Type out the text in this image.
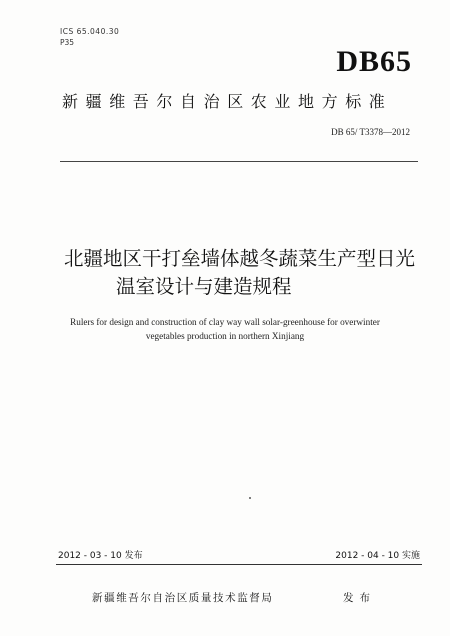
ICS 65.040.30
P35
DB65
新疆维吾尔自治区农业地方标准
DB 65/ T3378—2012
北疆地区干打垒墙体越冬蔬菜生产型日光
温室设计与建造规程
Rulers for design and construction of clay way wall solar-greenhouse for overwinter
vegetables production in northern Xinjiang
2012 - 03 - 10 发布	2012 - 04 - 10 实施
新疆维吾尔自治区质量技术监督局	发布
